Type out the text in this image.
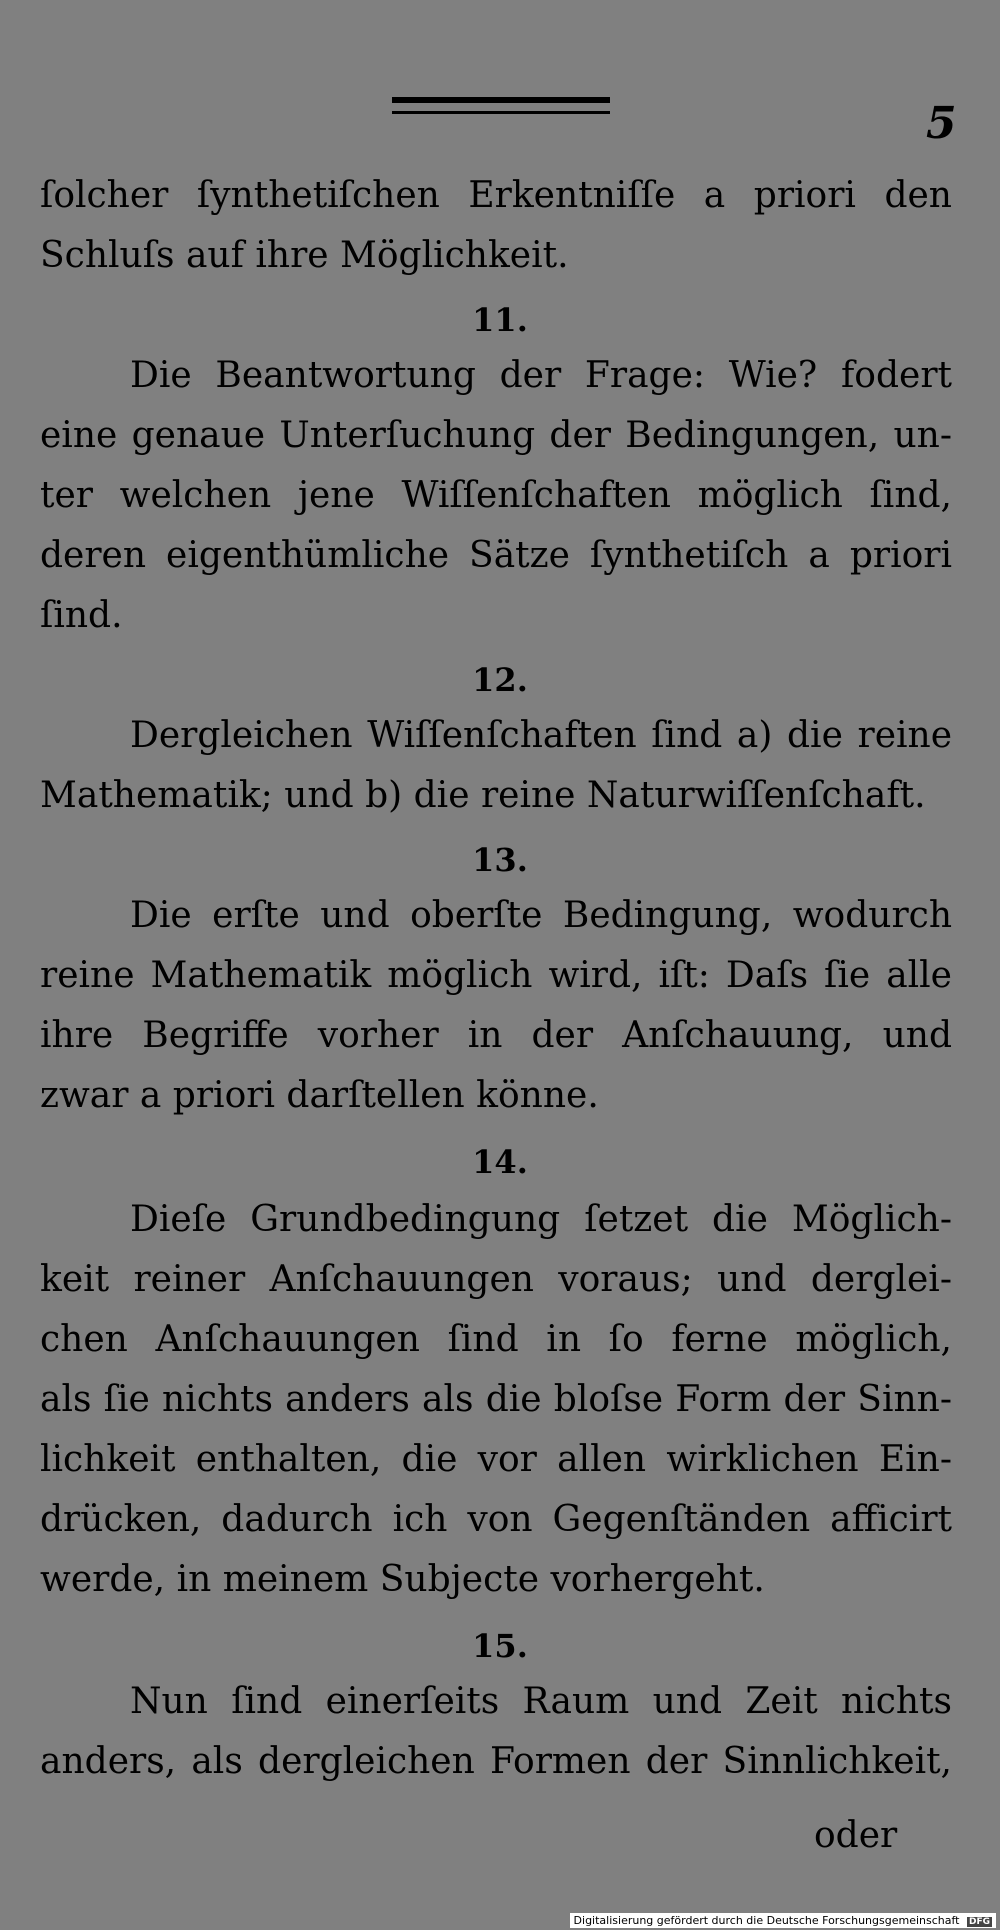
5
ſolcher ſynthetiſchen Erkentniſſe a priori den
Schluſs auf ihre Möglichkeit.
11.
Die Beantwortung der Frage: Wie? fodert
eine genaue Unterſuchung der Bedingungen, un-
ter welchen jene Wiſſenſchaften möglich ſind,
deren eigenthümliche Sätze ſynthetiſch a priori
ſind.
12.
Dergleichen Wiſſenſchaften ſind a) die reine
Mathematik; und b) die reine Naturwiſſenſchaft.
13.
Die erſte und oberſte Bedingung, wodurch
reine Mathematik möglich wird, iſt: Daſs ſie alle
ihre Begriffe vorher in der Anſchauung, und
zwar a priori darſtellen könne.
14.
Dieſe Grundbedingung ſetzet die Möglich-
keit reiner Anſchauungen voraus; und derglei-
chen Anſchauungen ſind in ſo ferne möglich,
als ſie nichts anders als die bloſse Form der Sinn-
lichkeit enthalten, die vor allen wirklichen Ein-
drücken, dadurch ich von Gegenſtänden afficirt
werde, in meinem Subjecte vorhergeht.
15.
Nun ſind einerſeits Raum und Zeit nichts
anders, als dergleichen Formen der Sinnlichkeit,
oder
Digitalisierung gefördert durch die Deutsche Forschungsgemeinschaft DFG
